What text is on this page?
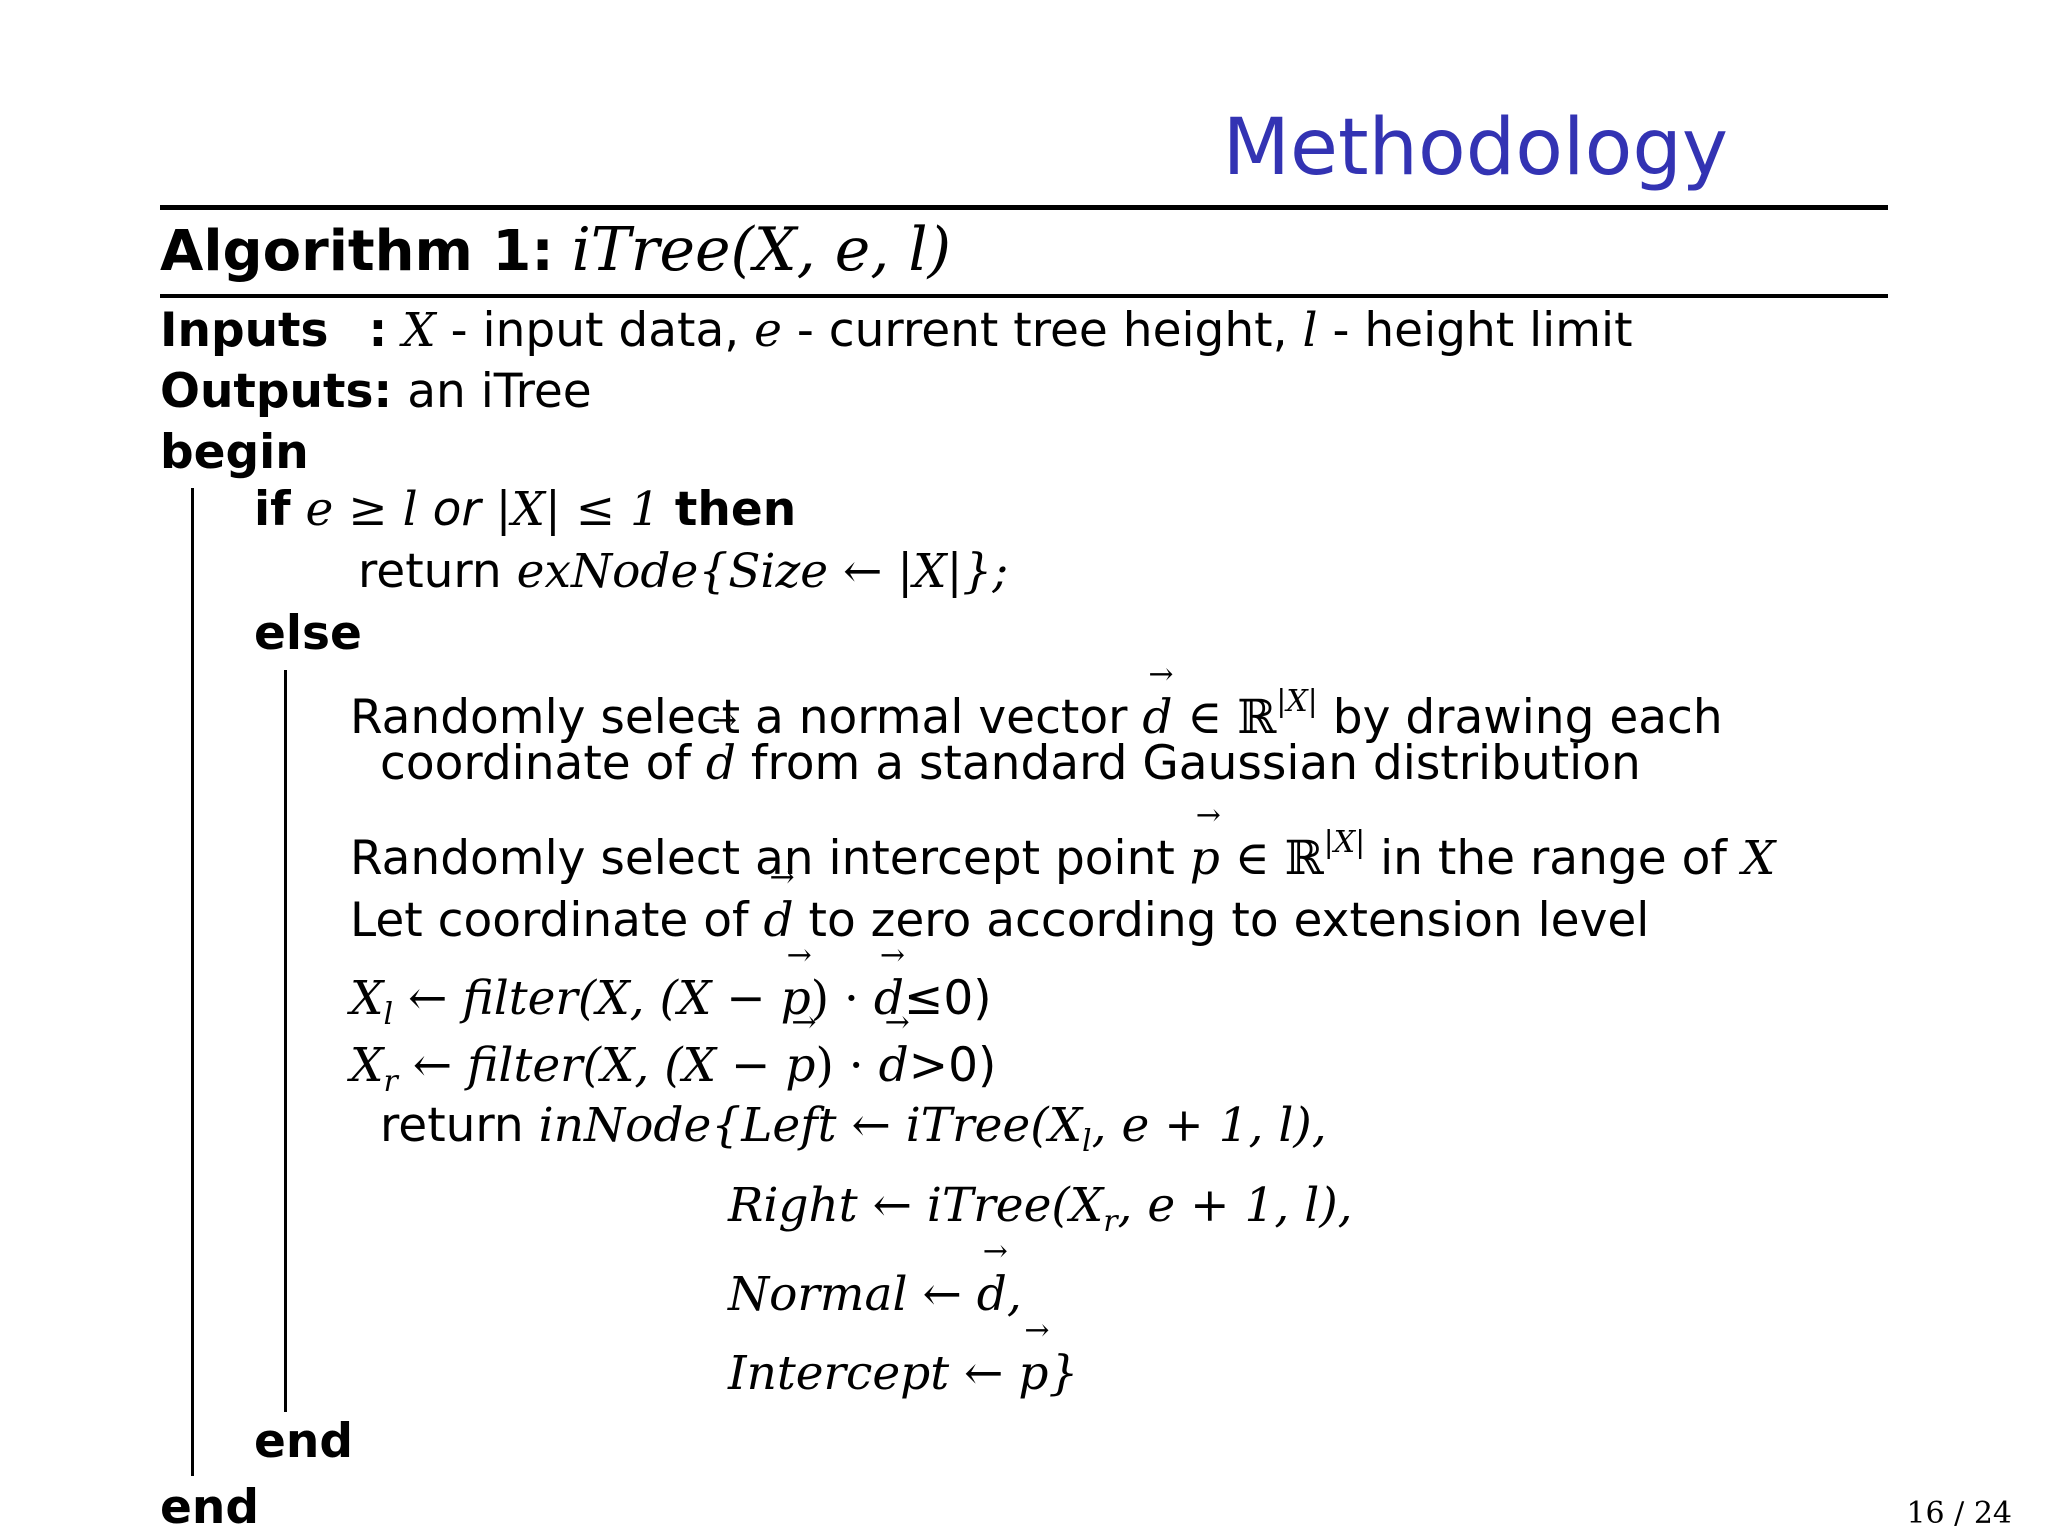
Methodology
Algorithm 1: iTree(X, e, l)
Inputs : X - input data, e - current tree height, l - height limit
Outputs: an iTree
begin
if e ≥ l or |X| ≤ 1 then
return exNode{Size ← |X|};
else
Randomly select a normal vector → d ∈ ℝ$^{|X|}$ by drawing each
coordinate of → d from a standard Gaussian distribution
Randomly select an intercept point → p ∈ ℝ$^{|X|}$ in the range of X
Let coordinate of → d to zero according to extension level
$X_l$ ← filter(X, (X − → p) · → d≤0)
$X_r$ ← filter(X, (X − → p) · → d>0)
return inNode{Left ← $iTree(X_l$, e + 1, l),
Right ← $iTree(X_r$, e + 1, l),
Normal ← → d,
Intercept ← → p}
end
end	16 / 24
